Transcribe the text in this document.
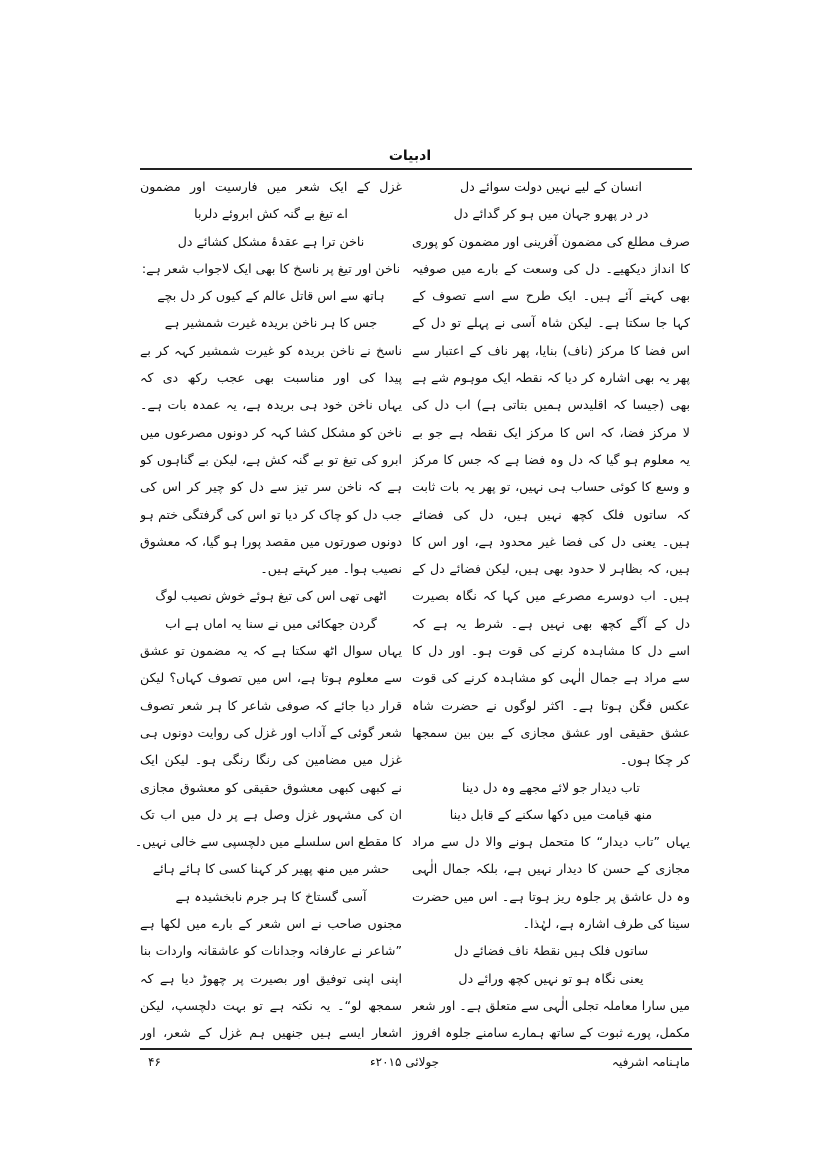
ادبیات
انسان کے لیے نہیں دولت سوائے دل
در در پھرو جہان میں ہو کر گدائے دل
صرف مطلع کی مضمون آفرینی اور مضمون کو پوری
کا انداز دیکھیے۔ دل کی وسعت کے بارے میں صوفیہ
بھی کہتے آئے ہیں۔ ایک طرح سے اسے تصوف کے
کہا جا سکتا ہے۔ لیکن شاہ آسی نے پہلے تو دل کے
اس فضا کا مرکز (ناف) بنایا، پھر ناف کے اعتبار سے
پھر یہ بھی اشارہ کر دیا کہ نقطہ ایک موہوم شے ہے
بھی (جیسا کہ اقلیدس ہمیں بتاتی ہے) اب دل کی
لا مرکز فضا، کہ اس کا مرکز ایک نقطہ ہے جو بے
یہ معلوم ہو گیا کہ دل وہ فضا ہے کہ جس کا مرکز
و وسع کا کوئی حساب ہی نہیں، تو پھر یہ بات ثابت
کہ ساتوں فلک کچھ نہیں ہیں، دل کی فضائے
ہیں۔ یعنی دل کی فضا غیر محدود ہے، اور اس کا
ہیں، کہ بظاہر لا حدود بھی ہیں، لیکن فضائے دل کے
ہیں۔ اب دوسرے مصرعے میں کہا کہ نگاہ بصیرت
دل کے آگے کچھ بھی نہیں ہے۔ شرط یہ ہے کہ
اسے دل کا مشاہدہ کرنے کی قوت ہو۔ اور دل کا
سے مراد ہے جمال الٰہی کو مشاہدہ کرنے کی قوت
عکس فگن ہوتا ہے۔ اکثر لوگوں نے حضرت شاہ
عشق حقیقی اور عشق مجازی کے بین بین سمجھا
کر چکا ہوں۔
تاب دیدار جو لائے مجھے وہ دل دینا
منھ قیامت میں دکھا سکنے کے قابل دینا
یہاں ”تاب دیدار“ کا متحمل ہونے والا دل سے مراد
مجازی کے حسن کا دیدار نہیں ہے، بلکہ جمال الٰہی
وہ دل عاشق پر جلوہ ریز ہوتا ہے۔ اس میں حضرت
سینا کی طرف اشارہ ہے، لہٰذا۔
ساتوں فلک ہیں نقطۂ ناف فضائے دل
یعنی نگاہ ہو تو نہیں کچھ ورائے دل
میں سارا معاملہ تجلی الٰہی سے متعلق ہے۔ اور شعر
مکمل، پورے ثبوت کے ساتھ ہمارے سامنے جلوہ افروز
غزل کے ایک شعر میں فارسیت اور مضمون
اے تیغ بے گنہ کش ابروئے دلربا
ناخن ترا ہے عقدۂ مشکل کشائے دل
ناخن اور تیغ پر ناسخ کا بھی ایک لاجواب شعر ہے:
ہاتھ سے اس قاتل عالم کے کیوں کر دل بچے
جس کا ہر ناخن بریدہ غیرت شمشیر ہے
ناسخ نے ناخن بریدہ کو غیرت شمشیر کہہ کر بے
پیدا کی اور مناسبت بھی عجب رکھ دی کہ
یہاں ناخن خود ہی بریدہ ہے، یہ عمدہ بات ہے۔
ناخن کو مشکل کشا کہہ کر دونوں مصرعوں میں
ابرو کی تیغ تو بے گنہ کش ہے، لیکن بے گناہوں کو
ہے کہ ناخن سر تیز سے دل کو چیر کر اس کی
جب دل کو چاک کر دیا تو اس کی گرفتگی ختم ہو
دونوں صورتوں میں مقصد پورا ہو گیا، کہ معشوق
نصیب ہوا۔ میر کہتے ہیں۔
اٹھی تھی اس کی تیغ ہوئے خوش نصیب لوگ
گردن جھکائی میں نے سنا یہ اماں ہے اب
یہاں سوال اٹھ سکتا ہے کہ یہ مضمون تو عشق
سے معلوم ہوتا ہے، اس میں تصوف کہاں؟ لیکن
قرار دیا جائے کہ صوفی شاعر کا ہر شعر تصوف
شعر گوئی کے آداب اور غزل کی روایت دونوں ہی
غزل میں مضامین کی رنگا رنگی ہو۔ لیکن ایک
نے کبھی کبھی معشوق حقیقی کو معشوق مجازی
ان کی مشہور غزل وصل ہے پر دل میں اب تک
کا مقطع اس سلسلے میں دلچسپی سے خالی نہیں۔
حشر میں منھ پھیر کر کہنا کسی کا ہائے ہائے
آسی گستاخ کا ہر جرم نابخشیدہ ہے
مجنوں صاحب نے اس شعر کے بارے میں لکھا ہے
”شاعر نے عارفانہ وجدانات کو عاشقانہ واردات بنا
اپنی اپنی توفیق اور بصیرت پر چھوڑ دیا ہے کہ
سمجھ لو“۔ یہ نکتہ ہے تو بہت دلچسپ، لیکن
اشعار ایسے ہیں جنھیں ہم غزل کے شعر، اور
ماہنامہ اشرفیہ
جولائی ۲۰۱۵ء
۴۶
